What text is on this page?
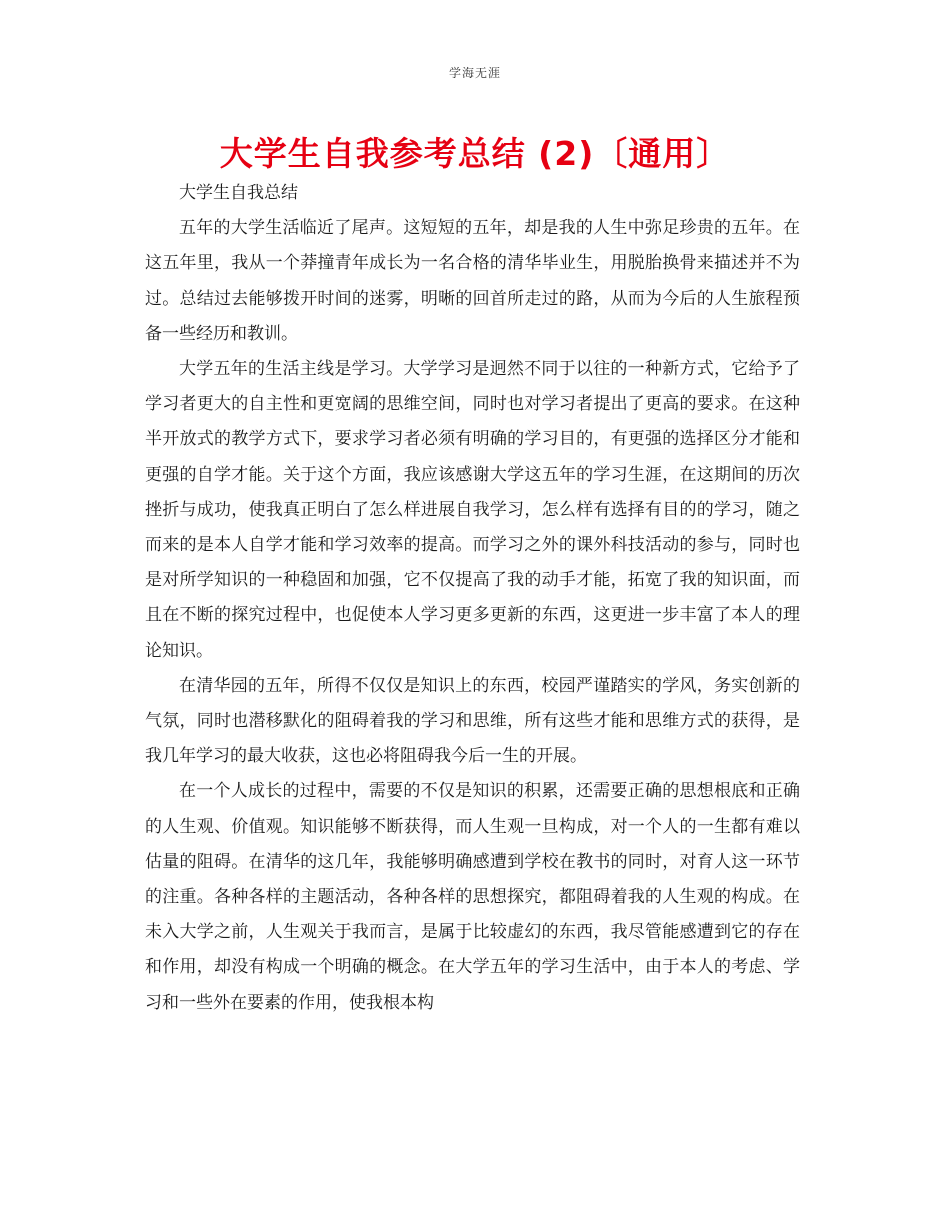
学海无涯
大学生自我参考总结 (2)〔通用〕

大学生自我总结

五年的大学生活临近了尾声。这短短的五年，却是我的人生中弥足珍贵的五年。在这五年里，我从一个莽撞青年成长为一名合格的清华毕业生，用脱胎换骨来描述并不为过。总结过去能够拨开时间的迷雾，明晰的回首所走过的路，从而为今后的人生旅程预备一些经历和教训。

大学五年的生活主线是学习。大学学习是迥然不同于以往的一种新方式，它给予了学习者更大的自主性和更宽阔的思维空间，同时也对学习者提出了更高的要求。在这种半开放式的教学方式下，要求学习者必须有明确的学习目的，有更强的选择区分才能和更强的自学才能。关于这个方面，我应该感谢大学这五年的学习生涯，在这期间的历次挫折与成功，使我真正明白了怎么样进展自我学习，怎么样有选择有目的的学习，随之而来的是本人自学才能和学习效率的提高。而学习之外的课外科技活动的参与，同时也是对所学知识的一种稳固和加强，它不仅提高了我的动手才能，拓宽了我的知识面，而且在不断的探究过程中，也促使本人学习更多更新的东西，这更进一步丰富了本人的理论知识。

在清华园的五年，所得不仅仅是知识上的东西，校园严谨踏实的学风，务实创新的气氛，同时也潜移默化的阻碍着我的学习和思维，所有这些才能和思维方式的获得，是我几年学习的最大收获，这也必将阻碍我今后一生的开展。

在一个人成长的过程中，需要的不仅是知识的积累，还需要正确的思想根底和正确的人生观、价值观。知识能够不断获得，而人生观一旦构成，对一个人的一生都有难以估量的阻碍。在清华的这几年，我能够明确感遭到学校在教书的同时，对育人这一环节的注重。各种各样的主题活动，各种各样的思想探究，都阻碍着我的人生观的构成。在未入大学之前，人生观关于我而言，是属于比较虚幻的东西，我尽管能感遭到它的存在和作用，却没有构成一个明确的概念。在大学五年的学习生活中，由于本人的考虑、学习和一些外在要素的作用，使我根本构
